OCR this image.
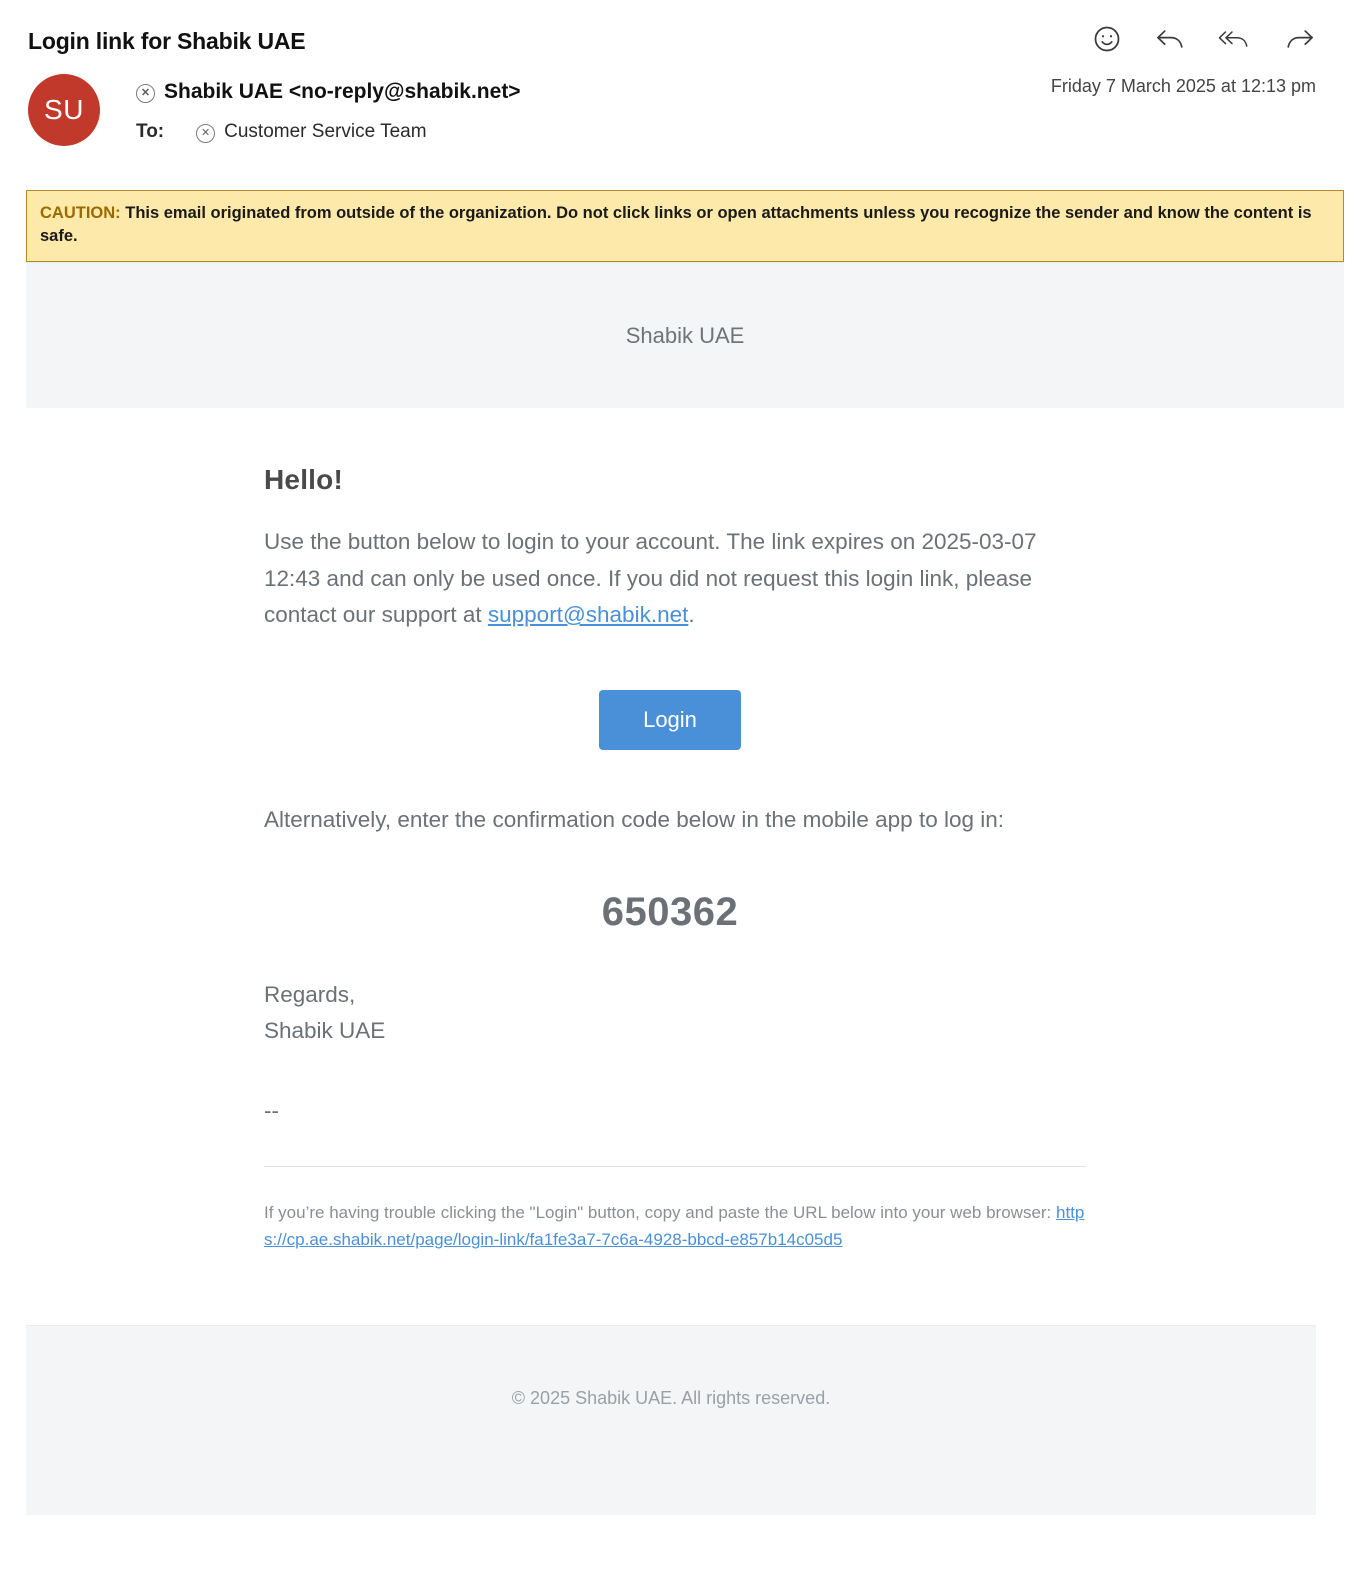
Login link for Shabik UAE
SU
✕
Shabik UAE <no-reply@shabik.net>
To: ✕	Customer Service Team
Friday 7 March 2025 at 12:13 pm
CAUTION: This email originated from outside of the organization. Do not click links or open attachments unless you recognize the sender and know the content is safe.
Shabik UAE
Hello!

Use the button below to login to your account. The link expires on 2025-03-07 12:43 and can only be used once. If you did not request this login link, please contact our support at support@shabik.net.

Login

Alternatively, enter the confirmation code below in the mobile app to log in:

650362
Regards,
Shabik UAE
--

If you’re having trouble clicking the "Login" button, copy and paste the URL below into your web browser: https://cp.ae.shabik.net/page/login-link/fa1fe3a7-7c6a-4928-bbcd-e857b14c05d5

© 2025 Shabik UAE. All rights reserved.
